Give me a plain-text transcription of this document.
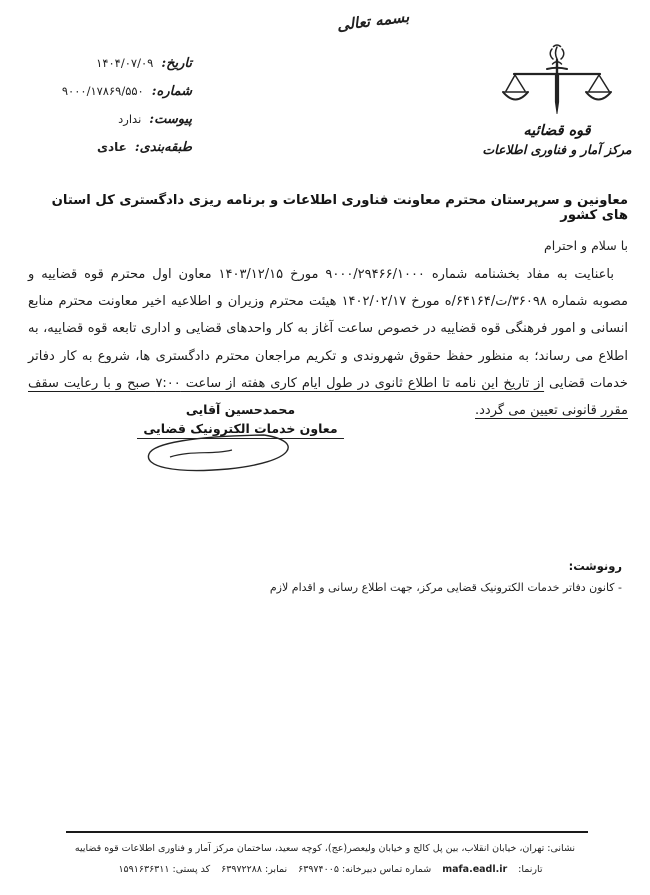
بسمه تعالی
تاریخ:۱۴۰۴/۰۷/۰۹
شماره:۹۰۰۰/۱۷۸۶۹/۵۵۰
پیوست:ندارد
طبقه‌بندی:عادی
قوه قضائیه
مرکز آمار و فناوری اطلاعات
معاونین و سرپرستان محترم معاونت فناوری اطلاعات و برنامه ریزی دادگستری کل استان های کشور
با سلام و احترام
باعنایت به مفاد بخشنامه شماره ۹۰۰۰/۲۹۴۶۶/۱۰۰۰ مورخ ۱۴۰۳/۱۲/۱۵ معاون اول محترم قوه قضاییه و مصوبه شماره ۳۶۰۹۸/ت/۶۴۱۶۴/ه مورخ ۱۴۰۲/۰۲/۱۷ هیئت محترم وزیران و اطلاعیه اخیر معاونت محترم منابع انسانی و امور فرهنگی قوه قضاییه در خصوص ساعت آغاز به کار واحدهای قضایی و اداری تابعه قوه قضاییه، به اطلاع می رساند؛ به منظور حفظ حقوق شهروندی و تکریم مراجعان محترم دادگستری ها، شروع به کار دفاتر خدمات قضایی از تاریخ این نامه تا اطلاع ثانوی در طول ایام کاری هفته از ساعت ۷:۰۰ صبح و با رعایت سقف مقرر قانونی تعیین می گردد.
محمدحسین آقایی
معاون خدمات الکترونیک قضایی
رونوشت:
- کانون دفاتر خدمات الکترونیک قضایی مرکز، جهت اطلاع رسانی و اقدام لازم
نشانی: تهران، خیابان انقلاب، بین پل کالج و خیابان ولیعصر(عج)، کوچه سعید، ساختمان مرکز آمار و فناوری اطلاعات قوه قضاییه
تارنما:mafa.eadl.irشماره تماس دبیرخانه: ۶۳۹۷۴۰۰۵نمابر: ۶۳۹۷۲۲۸۸کد پستی: ۱۵۹۱۶۳۶۳۱۱
